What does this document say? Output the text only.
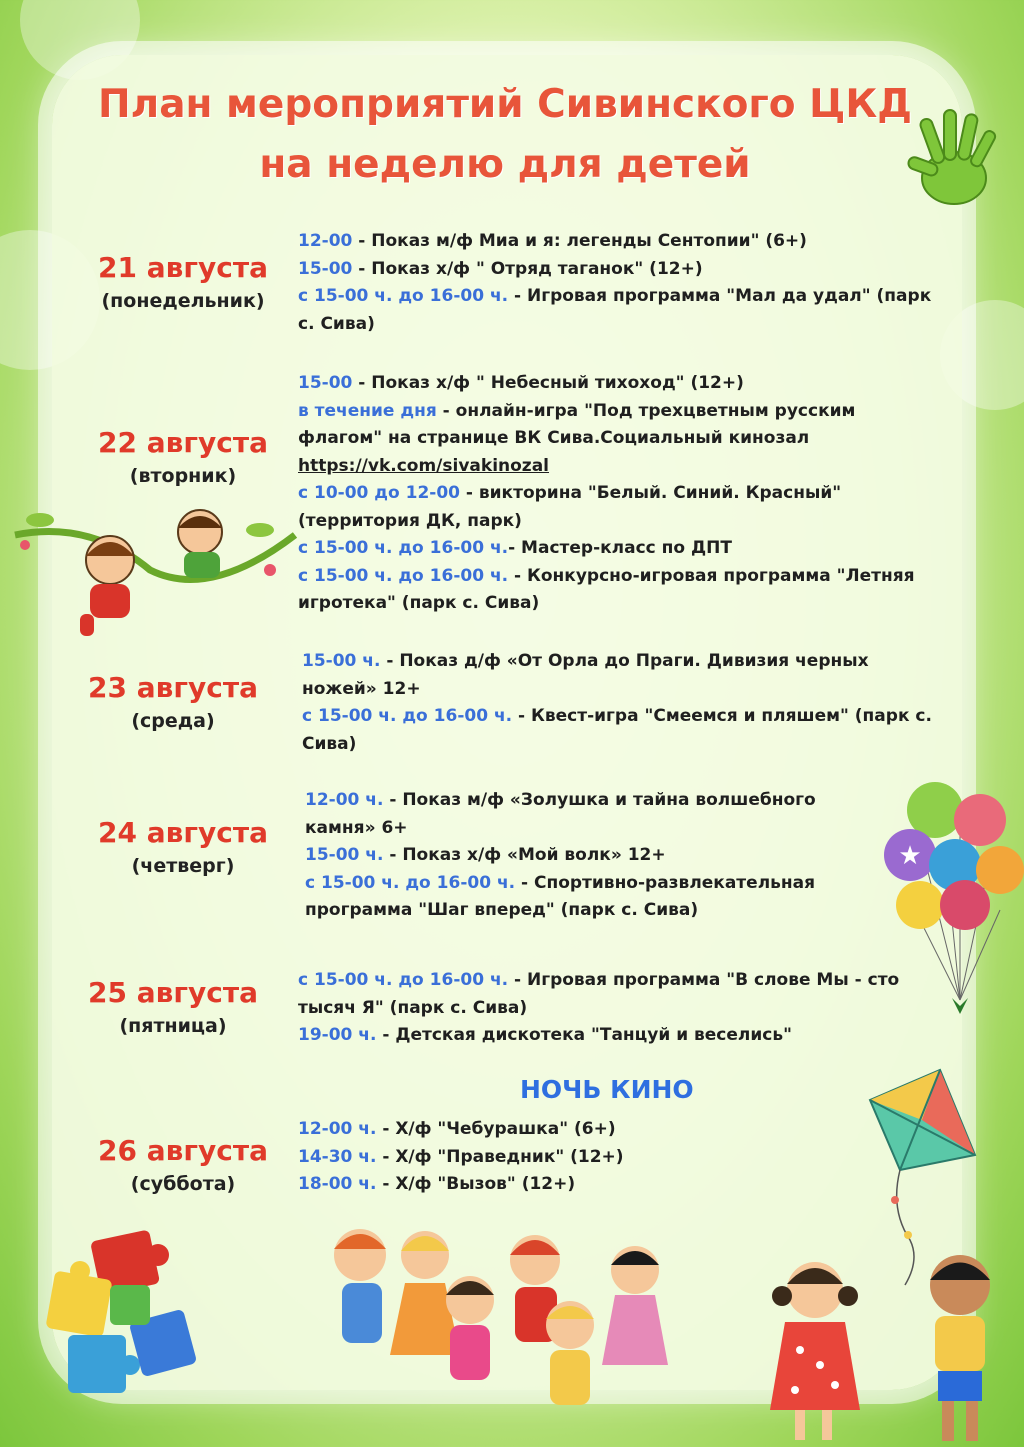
План мероприятий Сивинского ЦКД
на неделю для детей
21 августа
(понедельник)

12-00 - Показ м/ф Миа и я: легенды Сентопии" (6+)

15-00 - Показ х/ф " Отряд таганок" (12+)

с 15-00 ч. до 16-00 ч. - Игровая программа "Мал да удал" (парк с. Сива)

22 августа
(вторник)

15-00 - Показ х/ф " Небесный тихоход" (12+)

в течение дня - онлайн-игра "Под трехцветным русским флагом" на странице ВК Сива.Социальный кинозал
https://vk.com/sivakinozal

с 10-00 до 12-00 - викторина "Белый. Синий. Красный" (территория ДК, парк)

с 15-00 ч. до 16-00 ч.- Мастер-класс по ДПТ

с 15-00 ч. до 16-00 ч. - Конкурсно-игровая программа "Летняя игротека" (парк с. Сива)

23 августа
(среда)

15-00 ч. - Показ д/ф «От Орла до Праги. Дивизия черных ножей» 12+

с 15-00 ч. до 16-00 ч. - Квест-игра "Смеемся и пляшем" (парк с. Сива)

24 августа
(четверг)

12-00 ч. - Показ м/ф «Золушка и тайна волшебного камня» 6+

15-00 ч. - Показ х/ф «Мой волк» 12+

с 15-00 ч. до 16-00 ч. - Спортивно-развлекательная программа "Шаг вперед" (парк с. Сива)

★
25 августа
(пятница)

с 15-00 ч. до 16-00 ч. - Игровая программа "В слове Мы - сто тысяч Я" (парк с. Сива)

19-00 ч. - Детская дискотека "Танцуй и веселись"

НОЧЬ КИНО
26 августа
(суббота)

12-00 ч. - Х/ф "Чебурашка" (6+)

14-30 ч. - Х/ф "Праведник" (12+)

18-00 ч. - Х/ф "Вызов" (12+)
